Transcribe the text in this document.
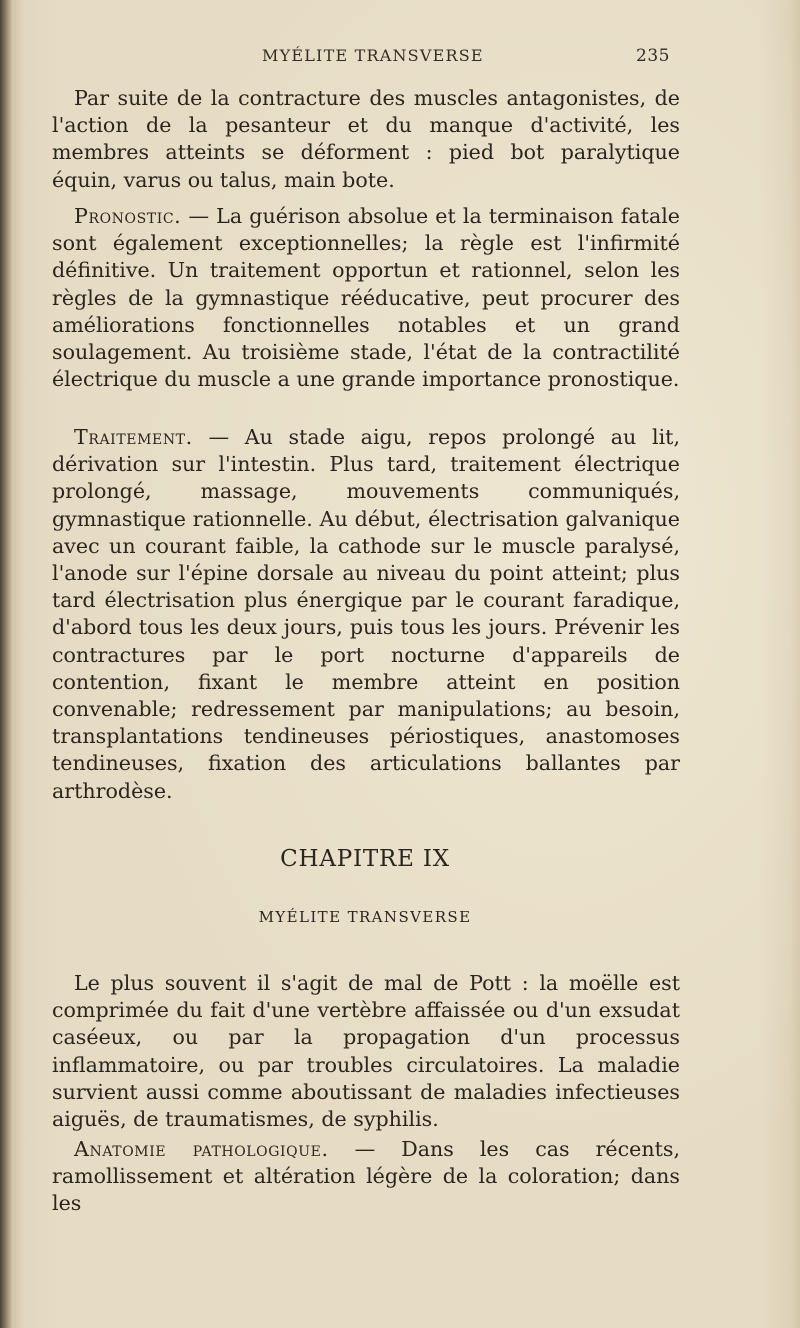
MYÉLITE TRANSVERSE	235

Par suite de la contracture des muscles antagonistes, de l'action de la pesanteur et du manque d'activité, les membres atteints se déforment : pied bot paralytique équin, varus ou talus, main bote.

Pronostic. — La guérison absolue et la terminaison fatale sont également exceptionnelles; la règle est l'infirmité définitive. Un traitement opportun et rationnel, selon les règles de la gymnastique rééducative, peut procurer des améliorations fonctionnelles notables et un grand soulagement. Au troisième stade, l'état de la contractilité électrique du muscle a une grande importance pronostique.

Traitement. — Au stade aigu, repos prolongé au lit, dérivation sur l'intestin. Plus tard, traitement électrique prolongé, massage, mouvements communiqués, gymnastique rationnelle. Au début, électrisation galvanique avec un courant faible, la cathode sur le muscle paralysé, l'anode sur l'épine dorsale au niveau du point atteint; plus tard électrisation plus énergique par le courant faradique, d'abord tous les deux jours, puis tous les jours. Prévenir les contractures par le port nocturne d'appareils de contention, fixant le membre atteint en position convenable; redressement par manipulations; au besoin, transplantations tendineuses périostiques, anastomoses tendineuses, fixation des articulations ballantes par arthrodèse.

CHAPITRE IX
MYÉLITE TRANSVERSE

Le plus souvent il s'agit de mal de Pott : la moëlle est comprimée du fait d'une vertèbre affaissée ou d'un exsudat caséeux, ou par la propagation d'un processus inflammatoire, ou par troubles circulatoires. La maladie survient aussi comme aboutissant de maladies infectieuses aiguës, de traumatismes, de syphilis.

Anatomie pathologique. — Dans les cas récents, ramollissement et altération légère de la coloration; dans les
